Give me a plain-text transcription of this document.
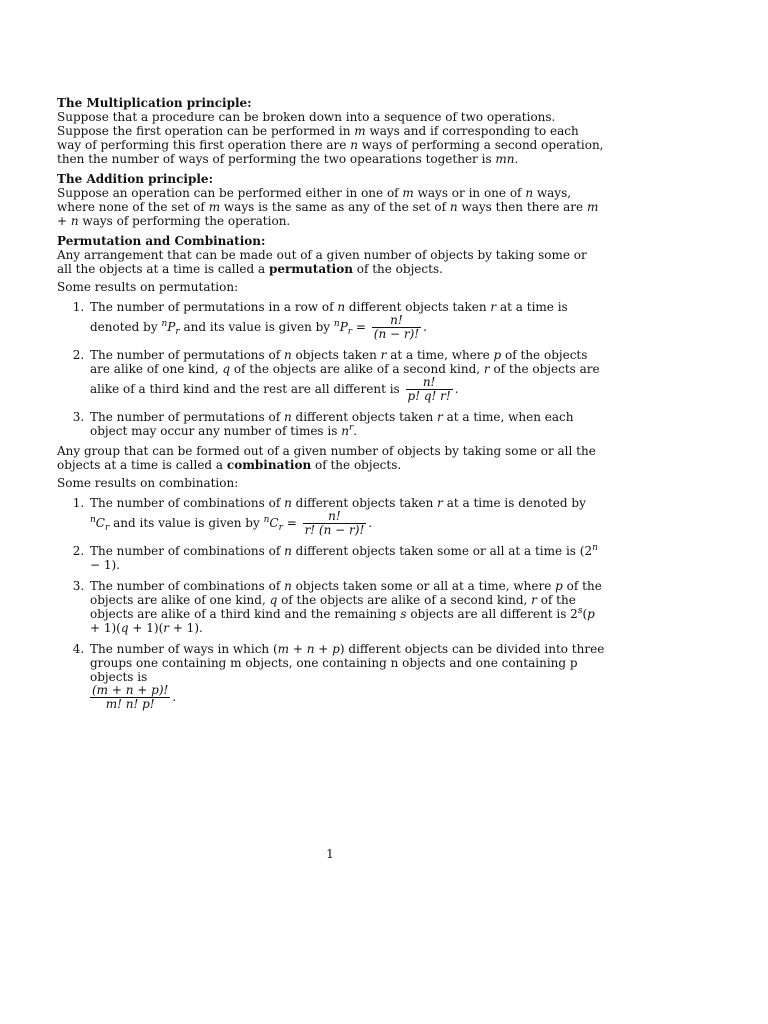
The Multiplication principle:

Suppose that a procedure can be broken down into a sequence of two operations. Suppose the first operation can be performed in m ways and if corresponding to each way of performing this first operation there are n ways of performing a second operation, then the number of ways of performing the two opearations together is mn.

The Addition principle:

Suppose an operation can be performed either in one of m ways or in one of n ways, where none of the set of m ways is the same as any of the set of n ways then there are m + n ways of performing the operation.

Permutation and Combination:

Any arrangement that can be made out of a given number of objects by taking some or all the objects at a time is called a permutation of the objects.

Some results on permutation:

1. The number of permutations in a row of n different objects taken r at a time is denoted by $^nP_r$ and its value is given by $^nP_r = \frac{n!}{(n - r)!}$ .
2. The number of permutations of n objects taken r at a time, where p of the objects are alike of one kind, q of the objects are alike of a second kind, r of the objects are alike of a third kind and the rest are all different is $\frac{n!}{p! q! r!}$ .
3. The number of permutations of n different objects taken r at a time, when each object may occur any number of times is $n^r$.

Any group that can be formed out of a given number of objects by taking some or all the objects at a time is called a combination of the objects.

Some results on combination:

1. The number of combinations of n different objects taken r at a time is denoted by $^nC_r$ and its value is given by $^nC_r = \frac{n!}{r! (n - r)!}$ .
2. The number of combinations of n different objects taken some or all at a time is $(2^n - 1)$.
3. The number of combinations of n objects taken some or all at a time, where p of the objects are alike of one kind, q of the objects are alike of a second kind, r of the objects are alike of a third kind and the remaining s objects are all different is $2^s(p + 1)(q + 1)(r + 1)$.
4. The number of ways in which (m + n + p) different objects can be divided into three groups one containing m objects, one containing n objects and one containing p objects is

$\frac{(m + n + p)!}{m! n! p!}$ .
1
